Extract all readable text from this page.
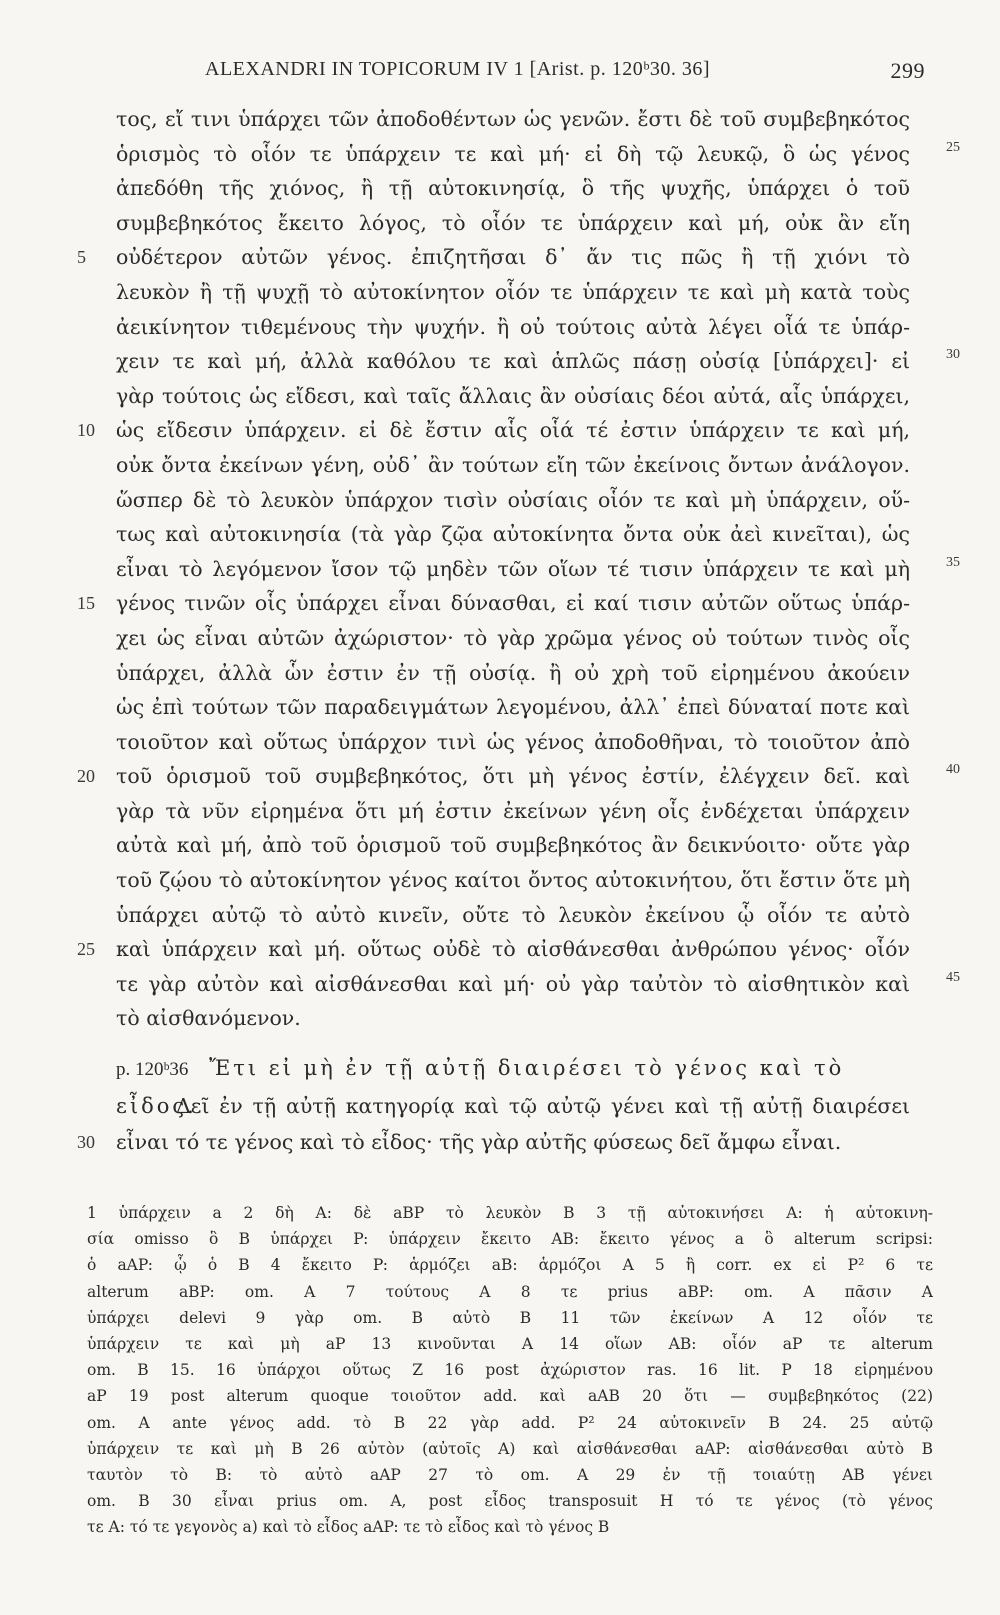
ALEXANDRI IN TOPICORUM IV 1 [Arist. p. 120ᵇ30. 36]	299
τος, εἴ τινι ὑπάρχει τῶν ἀποδοθέντων ὡς γενῶν. ἔστι δὲ τοῦ συμβεβηκότος
ὁρισμὸς τὸ οἷόν τε ὑπάρχειν τε καὶ μή· εἰ δὴ τῷ λευκῷ, ὃ ὡς γένος	25
ἀπεδόθη τῆς χιόνος, ἢ τῇ αὐτοκινησίᾳ, ὃ τῆς ψυχῆς, ὑπάρχει ὁ τοῦ
συμβεβηκότος ἔκειτο λόγος, τὸ οἷόν τε ὑπάρχειν καὶ μή, οὐκ ἂν εἴη
5	οὐδέτερον αὐτῶν γένος. ἐπιζητῆσαι δ᾽ ἄν τις πῶς ἢ τῇ χιόνι τὸ
λευκὸν ἢ τῇ ψυχῇ τὸ αὐτοκίνητον οἷόν τε ὑπάρχειν τε καὶ μὴ κατὰ τοὺς
ἀεικίνητον τιθεμένους τὴν ψυχήν. ἢ οὐ τούτοις αὐτὰ λέγει οἷά τε ὑπάρ-
χειν τε καὶ μή, ἀλλὰ καθόλου τε καὶ ἁπλῶς πάσῃ οὐσίᾳ [ὑπάρχει]· εἰ	30
γὰρ τούτοις ὡς εἴδεσι, καὶ ταῖς ἄλλαις ἂν οὐσίαις δέοι αὐτά, αἷς ὑπάρχει,
10	ὡς εἴδεσιν ὑπάρχειν. εἰ δὲ ἔστιν αἷς οἷά τέ ἐστιν ὑπάρχειν τε καὶ μή,
οὐκ ὄντα ἐκείνων γένη, οὐδ᾽ ἂν τούτων εἴη τῶν ἐκείνοις ὄντων ἀνάλογον.
ὥσπερ δὲ τὸ λευκὸν ὑπάρχον τισὶν οὐσίαις οἷόν τε καὶ μὴ ὑπάρχειν, οὕ-
τως καὶ αὐτοκινησία (τὰ γὰρ ζῷα αὐτοκίνητα ὄντα οὐκ ἀεὶ κινεῖται), ὡς
εἶναι τὸ λεγόμενον ἴσον τῷ μηδὲν τῶν οἵων τέ τισιν ὑπάρχειν τε καὶ μὴ	35
15	γένος τινῶν οἷς ὑπάρχει εἶναι δύνασθαι, εἰ καί τισιν αὐτῶν οὕτως ὑπάρ-
χει ὡς εἶναι αὐτῶν ἀχώριστον· τὸ γὰρ χρῶμα γένος οὐ τούτων τινὸς οἷς
ὑπάρχει, ἀλλὰ ὧν ἐστιν ἐν τῇ οὐσίᾳ. ἢ οὐ χρὴ τοῦ εἰρημένου ἀκούειν
ὡς ἐπὶ τούτων τῶν παραδειγμάτων λεγομένου, ἀλλ᾽ ἐπεὶ δύναταί ποτε καὶ
τοιοῦτον καὶ οὕτως ὑπάρχον τινὶ ὡς γένος ἀποδοθῆναι, τὸ τοιοῦτον ἀπὸ
20	τοῦ ὁρισμοῦ τοῦ συμβεβηκότος, ὅτι μὴ γένος ἐστίν, ἐλέγχειν δεῖ. καὶ	40
γὰρ τὰ νῦν εἰρημένα ὅτι μή ἐστιν ἐκείνων γένη οἷς ἐνδέχεται ὑπάρχειν
αὐτὰ καὶ μή, ἀπὸ τοῦ ὁρισμοῦ τοῦ συμβεβηκότος ἂν δεικνύοιτο· οὔτε γὰρ
τοῦ ζῴου τὸ αὐτοκίνητον γένος καίτοι ὄντος αὐτοκινήτου, ὅτι ἔστιν ὅτε μὴ
ὑπάρχει αὐτῷ τὸ αὐτὸ κινεῖν, οὔτε τὸ λευκὸν ἐκείνου ᾧ οἷόν τε αὐτὸ
25	καὶ ὑπάρχειν καὶ μή. οὕτως οὐδὲ τὸ αἰσθάνεσθαι ἀνθρώπου γένος· οἷόν
τε γὰρ αὐτὸν καὶ αἰσθάνεσθαι καὶ μή· οὐ γὰρ ταὐτὸν τὸ αἰσθητικὸν καὶ	45
τὸ αἰσθανόμενον.
p. 120ᵇ36 Ἔτι εἰ μὴ ἐν τῇ αὐτῇ διαιρέσει τὸ γένος καὶ τὸ εἶδος.
Δεῖ ἐν τῇ αὐτῇ κατηγορίᾳ καὶ τῷ αὐτῷ γένει καὶ τῇ αὐτῇ διαιρέσει
30	εἶναι τό τε γένος καὶ τὸ εἶδος· τῆς γὰρ αὐτῆς φύσεως δεῖ ἄμφω εἶναι.
1 ὑπάρχειν a 2 δὴ A: δὲ aBP τὸ λευκὸν B 3 τῇ αὐτοκινήσει A: ἡ αὐτοκινη-
σία omisso ὃ B ὑπάρχει P: ὑπάρχειν ἔκειτο AB: ἔκειτο γένος a ὃ alterum scripsi:
ὁ aAP: ᾧ ὁ B 4 ἔκειτο P: ἁρμόζει aB: ἁρμόζοι A 5 ἢ corr. ex εἰ P² 6 τε
alterum aBP: om. A 7 τούτους A 8 τε prius aBP: om. A πᾶσιν A
ὑπάρχει delevi 9 γὰρ om. B αὐτὸ B 11 τῶν ἐκείνων A 12 οἷόν τε
ὑπάρχειν τε καὶ μὴ aP 13 κινοῦνται A 14 οἵων AB: οἷόν aP τε alterum
om. B 15. 16 ὑπάρχοι οὕτως Z 16 post ἀχώριστον ras. 16 lit. P 18 εἰρημένου
aP 19 post alterum quoque τοιοῦτον add. καὶ aAB 20 ὅτι — συμβεβηκότος (22)
om. A ante γένος add. τὸ B 22 γὰρ add. P² 24 αὐτοκινεῖν B 24. 25 αὐτῷ
ὑπάρχειν τε καὶ μὴ B 26 αὐτὸν (αὐτοῖς A) καὶ αἰσθάνεσθαι aAP: αἰσθάνεσθαι αὐτὸ B
ταυτὸν τὸ B: τὸ αὐτὸ aAP 27 τὸ om. A 29 ἐν τῇ τοιαύτῃ AB γένει
om. B 30 εἶναι prius om. A, post εἶδος transposuit H τό τε γένος (τὸ γένος
τε A: τό τε γεγονὸς a) καὶ τὸ εἶδος aAP: τε τὸ εἶδος καὶ τὸ γένος B
